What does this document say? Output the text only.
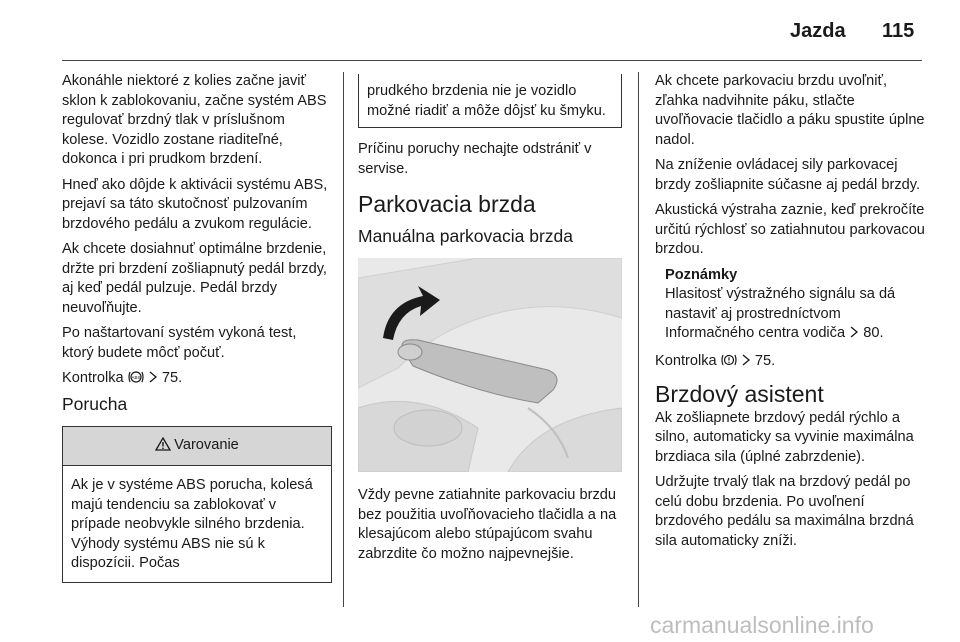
Jazda 115

Akonáhle niektoré z kolies začne javiť sklon k zablokovaniu, začne systém ABS regulovať brzdný tlak v príslušnom kolese. Vozidlo zostane riaditeľné, dokonca i pri prudkom brzdení.

Hneď ako dôjde k aktivácii systému ABS, prejaví sa táto skutočnosť pulzovaním brzdového pedálu a zvukom regulácie.

Ak chcete dosiahnuť optimálne brzdenie, držte pri brzdení zošliapnutý pedál brzdy, aj keď pedál pulzuje. Pedál brzdy neuvoľňujte.

Po naštartovaní systém vykoná test, ktorý budete môcť počuť.

Kontrolka ABS 75.

Porucha
Varovanie
Ak je v systéme ABS porucha, kolesá majú tendenciu sa zablokovať v prípade neobvykle silného brzdenia. Výhody systému ABS nie sú k dispozícii. Počas
prudkého brzdenia nie je vozidlo možné riadiť a môže dôjsť ku šmyku.

Príčinu poruchy nechajte odstrániť v servise.

Parkovacia brzda
Manuálna parkovacia brzda

Vždy pevne zatiahnite parkovaciu brzdu bez použitia uvoľňovacieho tlačidla a na klesajúcom alebo stúpajúcom svahu zabrzdite čo možno najpevnejšie.

Ak chcete parkovaciu brzdu uvoľniť, zľahka nadvihnite páku, stlačte uvoľňovacie tlačidlo a páku spustite úplne nadol.

Na zníženie ovládacej sily parkovacej brzdy zošliapnite súčasne aj pedál brzdy.

Akustická výstraha zaznie, keď prekročíte určitú rýchlosť so zatiahnutou parkovacou brzdou.

Poznámky
Hlasitosť výstražného signálu sa dá nastaviť aj prostredníctvom Informačného centra vodiča 80.

Kontrolka	75.

Brzdový asistent

Ak zošliapnete brzdový pedál rýchlo a silno, automaticky sa vyvinie maximálna brzdiaca sila (úplné zabrzdenie).

Udržujte trvalý tlak na brzdový pedál po celú dobu brzdenia. Po uvoľnení brzdového pedálu sa maximálna brzdná sila automaticky zníži.

carmanualsonline.info
